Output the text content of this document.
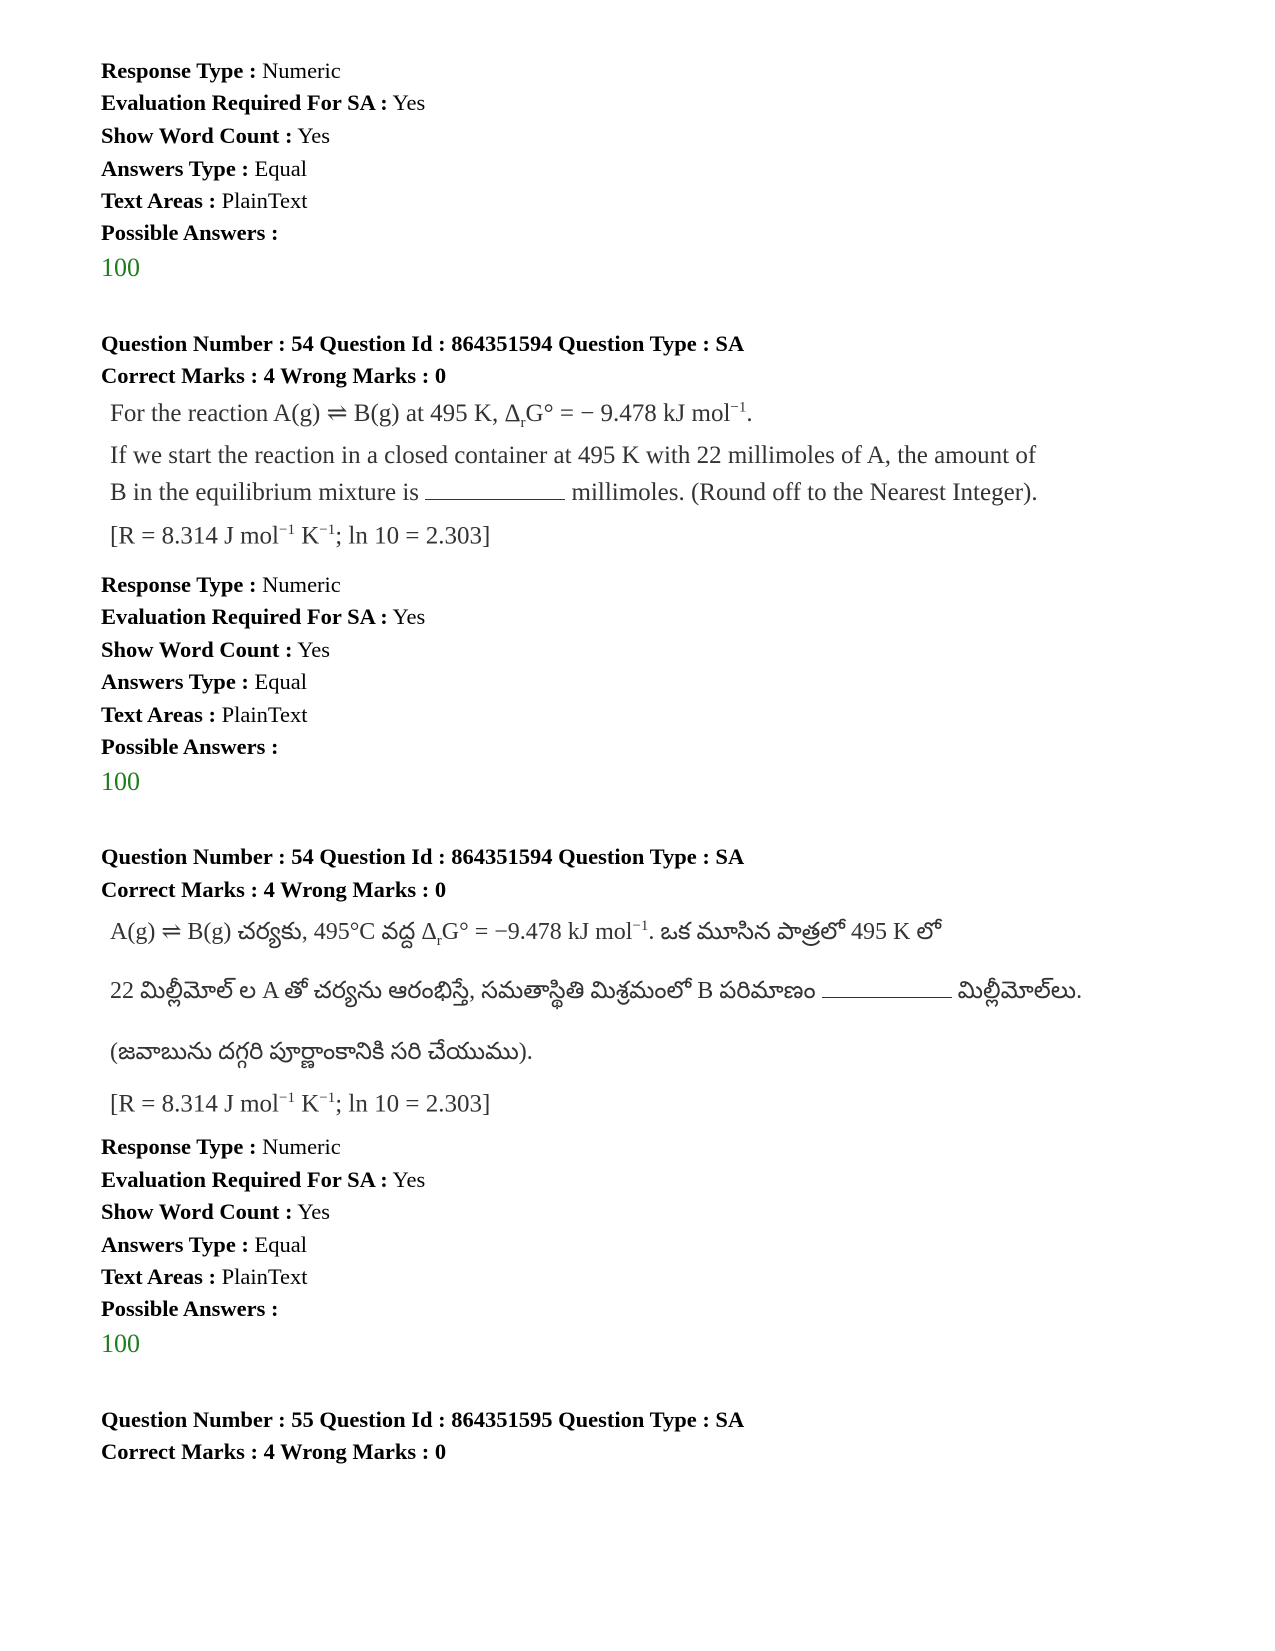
Response Type : Numeric
Evaluation Required For SA : Yes
Show Word Count : Yes
Answers Type : Equal
Text Areas : PlainText
Possible Answers :
100
Question Number : 54 Question Id : 864351594 Question Type : SA
Correct Marks : 4 Wrong Marks : 0
For the reaction A(g) ⇌ B(g) at 495 K, $\Delta_rG^\circ$ = − 9.478 kJ mol$^{-1}$.
If we start the reaction in a closed container at 495 K with 22 millimoles of A, the amount of
B in the equilibrium mixture is	millimoles. (Round off to the Nearest Integer).
[R = 8.314 J mol$^{-1}$ $K^{-1}$; ln 10 = 2.303]
Response Type : Numeric
Evaluation Required For SA : Yes
Show Word Count : Yes
Answers Type : Equal
Text Areas : PlainText
Possible Answers :
100
Question Number : 54 Question Id : 864351594 Question Type : SA
Correct Marks : 4 Wrong Marks : 0
A(g) ⇌ B(g) చర్యకు, 495°C వద్ద $\Delta_rG^\circ = -9.478$ kJ mol$^{-1}$. ఒక మూసిన పాత్రలో 495 K లో
22 మిల్లీమోల్ ల A తో చర్యను ఆరంభిస్తే, సమతాస్థితి మిశ్రమంలో B పరిమాణం	మిల్లీమోల్‌లు.
(జవాబును దగ్గరి పూర్ణాంకానికి సరి చేయుము).
[R = 8.314 J mol$^{-1}$ $K^{-1}$; ln 10 = 2.303]
Response Type : Numeric
Evaluation Required For SA : Yes
Show Word Count : Yes
Answers Type : Equal
Text Areas : PlainText
Possible Answers :
100
Question Number : 55 Question Id : 864351595 Question Type : SA
Correct Marks : 4 Wrong Marks : 0
